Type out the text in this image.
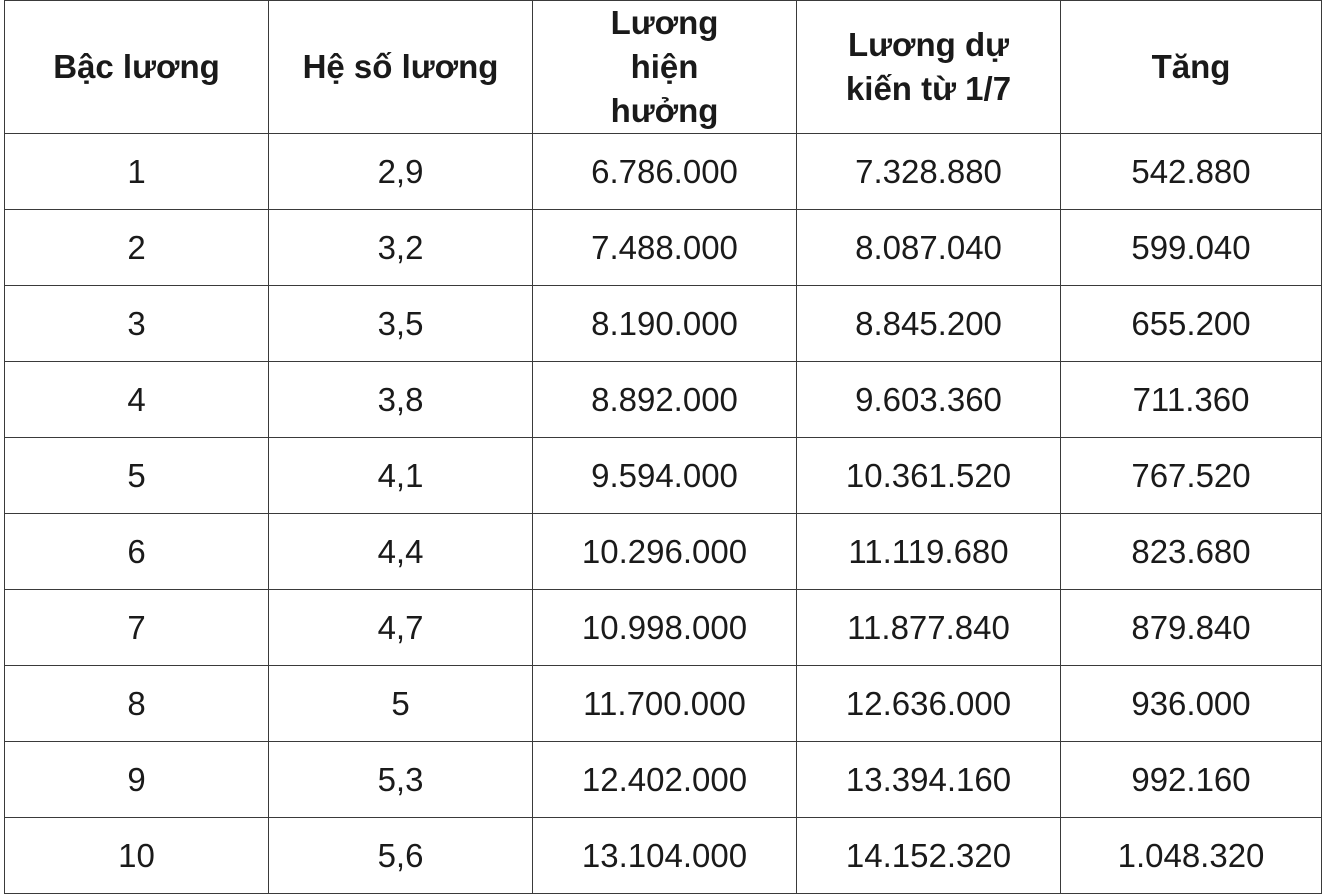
Bậc lương	Hệ số lương	Lương hiện hưởng	Lương dự kiến từ 1/7	Tăng
1	2,9	6.786.000	7.328.880	542.880
2	3,2	7.488.000	8.087.040	599.040
3	3,5	8.190.000	8.845.200	655.200
4	3,8	8.892.000	9.603.360	711.360
5	4,1	9.594.000	10.361.520	767.520
6	4,4	10.296.000	11.119.680	823.680
7	4,7	10.998.000	11.877.840	879.840
8	5	11.700.000	12.636.000	936.000
9	5,3	12.402.000	13.394.160	992.160
10	5,6	13.104.000	14.152.320	1.048.320
